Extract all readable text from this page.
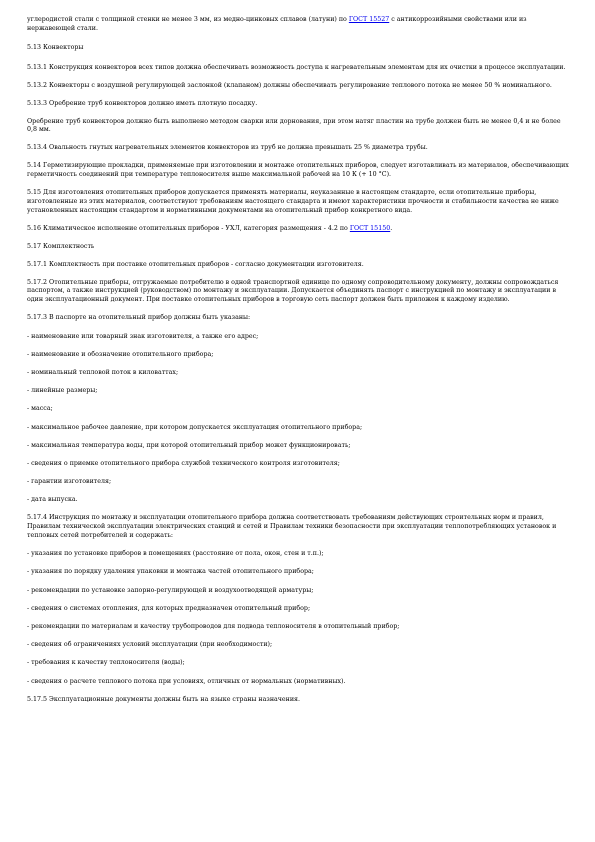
углеродистой стали с толщиной стенки не менее 3 мм, из медно-цинковых сплавов (латуни) по ГОСТ 15527 с антикоррозийными свойствами или из нержавеющей стали.

5.13 Конвекторы

5.13.1 Конструкция конвекторов всех типов должна обеспечивать возможность доступа к нагревательным элементам для их очистки в процессе эксплуатации.

5.13.2 Конвекторы с воздушной регулирующей заслонкой (клапаном) должны обеспечивать регулирование теплового потока не менее 50 % номинального.

5.13.3 Оребрение труб конвекторов должно иметь плотную посадку.

Оребрение труб конвекторов должно быть выполнено методом сварки или дорнования, при этом натяг пластин на трубе должен быть не менее 0,4 и не более 0,8 мм.

5.13.4 Овальность гнутых нагревательных элементов конвекторов из труб не должна превышать 25 % диаметра трубы.

5.14 Герметизирующие прокладки, применяемые при изготовлении и монтаже отопительных приборов, следует изготавливать из материалов, обеспечивающих герметичность соединений при температуре теплоносителя выше максимальной рабочей на 10 К (+ 10 °С).

5.15 Для изготовления отопительных приборов допускается применять материалы, неуказанные в настоящем стандарте, если отопительные приборы, изготовленные из этих материалов, соответствуют требованиям настоящего стандарта и имеют характеристики прочности и стабильности качества не ниже установленных настоящим стандартом и нормативными документами на отопительный прибор конкретного вида.

5.16 Климатическое исполнение отопительных приборов - УХЛ, категория размещения - 4.2 по ГОСТ 15150.

5.17 Комплектность

5.17.1 Комплектность при поставке отопительных приборов - согласно документации изготовителя.

5.17.2 Отопительные приборы, отгружаемые потребителю в одной транспортной единице по одному сопроводительному документу, должны сопровождаться паспортом, а также инструкцией (руководством) по монтажу и эксплуатации. Допускается объединять паспорт с инструкцией по монтажу и эксплуатации в один эксплуатационный документ. При поставке отопительных приборов в торговую сеть паспорт должен быть приложен к каждому изделию.

5.17.3 В паспорте на отопительный прибор должны быть указаны:

- наименование или товарный знак изготовителя, а также его адрес;

- наименование и обозначение отопительного прибора;

- номинальный тепловой поток в киловаттах;

- линейные размеры;

- масса;

- максимальное рабочее давление, при котором допускается эксплуатация отопительного прибора;

- максимальная температура воды, при которой отопительный прибор может функционировать;

- сведения о приемке отопительного прибора службой технического контроля изготовителя;

- гарантии изготовителя;

- дата выпуска.

5.17.4 Инструкция по монтажу и эксплуатации отопительного прибора должна соответствовать требованиям действующих строительных норм и правил, Правилам технической эксплуатации электрических станций и сетей и Правилам техники безопасности при эксплуатации теплопотребляющих установок и тепловых сетей потребителей и содержать:

- указания по установке приборов в помещениях (расстояние от пола, окон, стен и т.п.);

- указания по порядку удаления упаковки и монтажа частей отопительного прибора;

- рекомендации по установке запорно-регулирующей и воздухоотводящей арматуры;

- сведения о системах отопления, для которых предназначен отопительный прибор;

- рекомендации по материалам и качеству трубопроводов для подвода теплоносителя в отопительный прибор;

- сведения об ограничениях условий эксплуатации (при необходимости);

- требования к качеству теплоносителя (воды);

- сведения о расчете теплового потока при условиях, отличных от нормальных (нормативных).

5.17.5 Эксплуатационные документы должны быть на языке страны назначения.
